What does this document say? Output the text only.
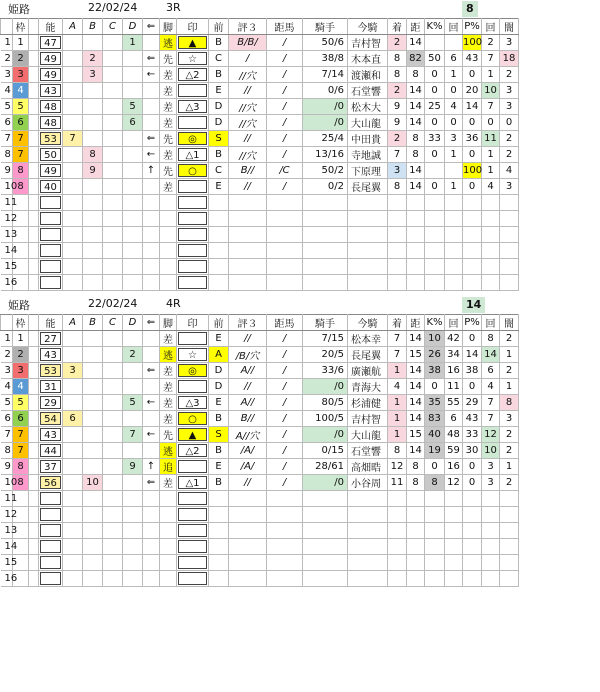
姫路	22/02/24	3R	8
	枠		能	A	B	C	D	⇐	脚	印	前	評３	距馬	騎手	今騎	着	距	K%	回	P%	回	闇
1	1		47				1		逃	▲	B	B/B/	/	50/6	吉村智	2	14			100	2	3
2	2		49		2			⇐	先	☆	C	/	/	38/8	木本直	8	82	50	6	43	7	18
3	3		49		3			←	差	△2	B	//穴	/	7/14	渡瀬和	8	8	0	1	0	1	2
4	4		43						差		E	//	/	0/6	石堂響	2	14	0	0	20	10	3
5	5		48				5		差	△3	D	//穴	/	/0	松木大	9	14	25	4	14	7	3
6	6		48				6		差		D	//穴	/	/0	大山龍	9	14	0	0	0	0	0
7	7		53	7				⇐	先	◎	S	//	/	25/4	中田貴	2	8	33	3	36	11	2
8	7		50		8			←	差	△1	B	//穴	/	13/16	寺地誠	7	8	0	1	0	1	2
9	8		49		9			↑	先	○	C	B//	/C	50/2	下原理	3	14			100	1	4
10	8		40						差		E	//	/	0/2	長尾翼	8	14	0	1	0	4	3
11			

12			

13			

14			

15			

16			

姫路	22/02/24	4R	14
	枠		能	A	B	C	D	⇐	脚	印	前	評３	距馬	騎手	今騎	着	距	K%	回	P%	回	闇
1	1		27						差		E	//	/	7/15	松本幸	7	14	10	42	0	8	2
2	2		43				2		逃	☆	A	/B/穴	/	20/5	長尾翼	7	15	26	34	14	14	1
3	3		53	3				⇐	差	◎	D	A//	/	33/6	廣瀬航	1	14	38	16	38	6	2
4	4		31						差		D	//	/	/0	青海大	4	14	0	11	0	4	1
5	5		29				5	←	差	△3	E	A//	/	80/5	杉浦健	1	14	35	55	29	7	8
6	6		54	6					差	○	B	B//	/	100/5	吉村智	1	14	83	6	43	7	3
7	7		43				7	←	先	▲	S	A//穴	/	/0	大山龍	1	15	40	48	33	12	2
8	7		44						逃	△2	B	/A/	/	0/15	石堂響	8	14	19	59	30	10	2
9	8		37				9	↑	追		E	/A/	/	28/61	高畑晧	12	8	0	16	0	3	1
10	8		56		10			⇐	差	△1	B	//	/	/0	小谷周	11	8	8	12	0	3	2
11			

12			

13			

14			

15			

16			
